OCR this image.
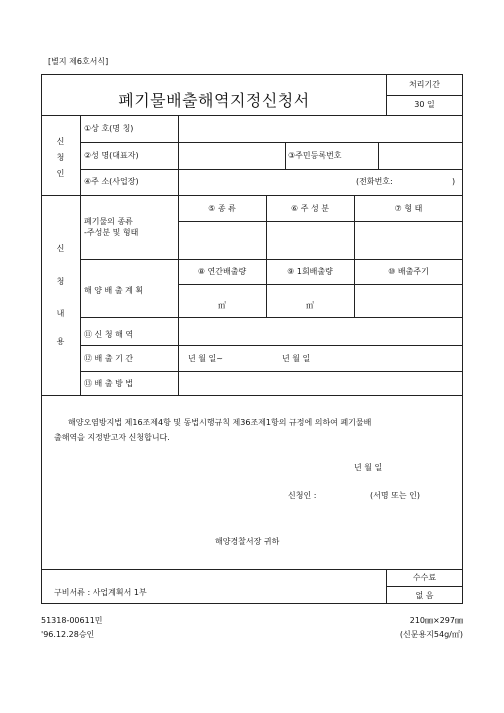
[별지 제6호서식]
폐기물배출해역지정신청서
처리기간
30 일
신
청
인
①상 호(명 칭)
②성 명(대표자)	③주민등록번호
④주 소(사업장)	(전화번호:	)
신
청
내
용
폐기물의 종류
-주성분 및 형태
⑤ 종 류	⑥ 주 성 분	⑦ 형 태
해 양 배 출 계 획
⑧ 연간배출량	⑨ 1회배출량	⑩ 배출주기
㎥	㎥
⑪ 신 청 해 역
⑫ 배 출 기 간	년 월 일~	년 월 일
⑬ 배 출 방 법
해양오염방지법 제16조제4항 및 동법시행규칙 제36조제1항의 규정에 의하여 폐기물배
출해역을 지정받고자 신청합니다.
년 월 일
신청인 :	(서명 또는 인)
해양경찰서장 귀하
구비서류 : 사업계획서 1부
수수료
없 음
51318-00611민
'96.12.28승인
210㎜×297㎜
(신문용지54g/㎡)
